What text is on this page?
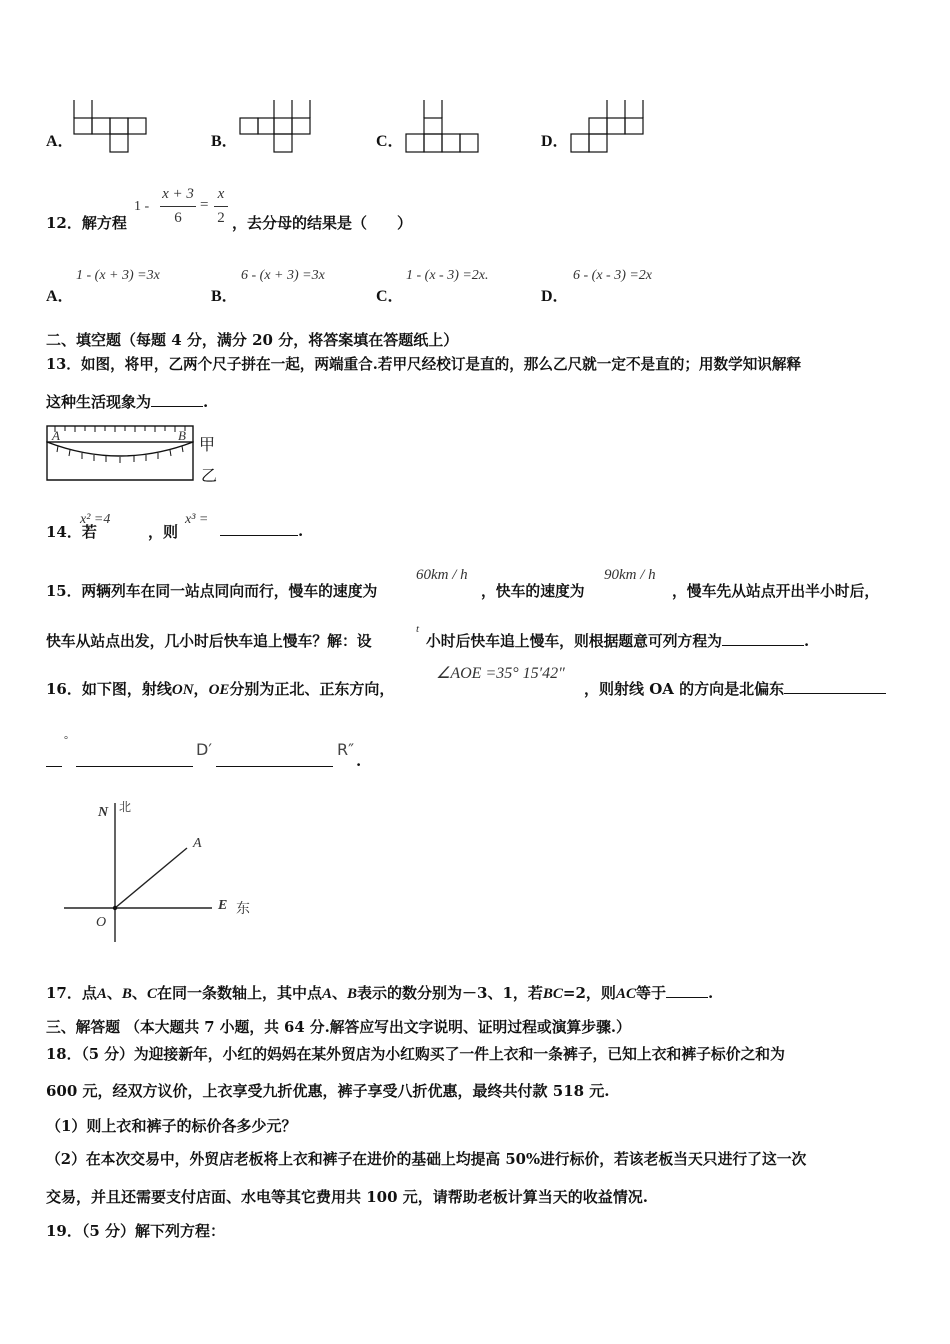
A．	B．	C．	D．
12．解方程
1 -
x + 3
6
=
x
2 ，去分母的结果是（　　）
A．
1 - (x + 3) =3x
B．
6 - (x + 3) =3x
C．
1 - (x - 3) =2x.
D．
6 - (x - 3) =2x
二、填空题（每题 4 分，满分 20 分，将答案填在答题纸上）
13．如图，将甲，乙两个尺子拼在一起，两端重合.若甲尺经校订是直的，那么乙尺就一定不是直的；用数学知识解释
这种生活现象为	.
A	B 甲
乙
14．若
x² =4
，则
x³ =
.
15．两辆列车在同一站点同向而行，慢车的速度为
60km / h
，快车的速度为
90km / h
，慢车先从站点开出半小时后，
快车从站点出发，几小时后快车追上慢车？解：设
t
小时后快车追上慢车，则根据题意可列方程为	.
16．如下图，射线ON，OE分别为正北、正东方向，
∠AOE =35° 15′42″
，则射线 OA 的方向是北偏东
°	D′	R″
.
N 北
A
E 东
O
17．点A、B、C在同一条数轴上，其中点A、B表示的数分别为－3、1，若BC=2，则AC等于	.
三、解答题 （本大题共 7 小题，共 64 分.解答应写出文字说明、证明过程或演算步骤.）
18．（5 分）为迎接新年，小红的妈妈在某外贸店为小红购买了一件上衣和一条裤子，已知上衣和裤子标价之和为
600 元，经双方议价，上衣享受九折优惠，裤子享受八折优惠，最终共付款 518 元.
（1）则上衣和裤子的标价各多少元？
（2）在本次交易中，外贸店老板将上衣和裤子在进价的基础上均提高 50%进行标价，若该老板当天只进行了这一次
交易，并且还需要支付店面、水电等其它费用共 100 元，请帮助老板计算当天的收益情况.
19．（5 分）解下列方程：
